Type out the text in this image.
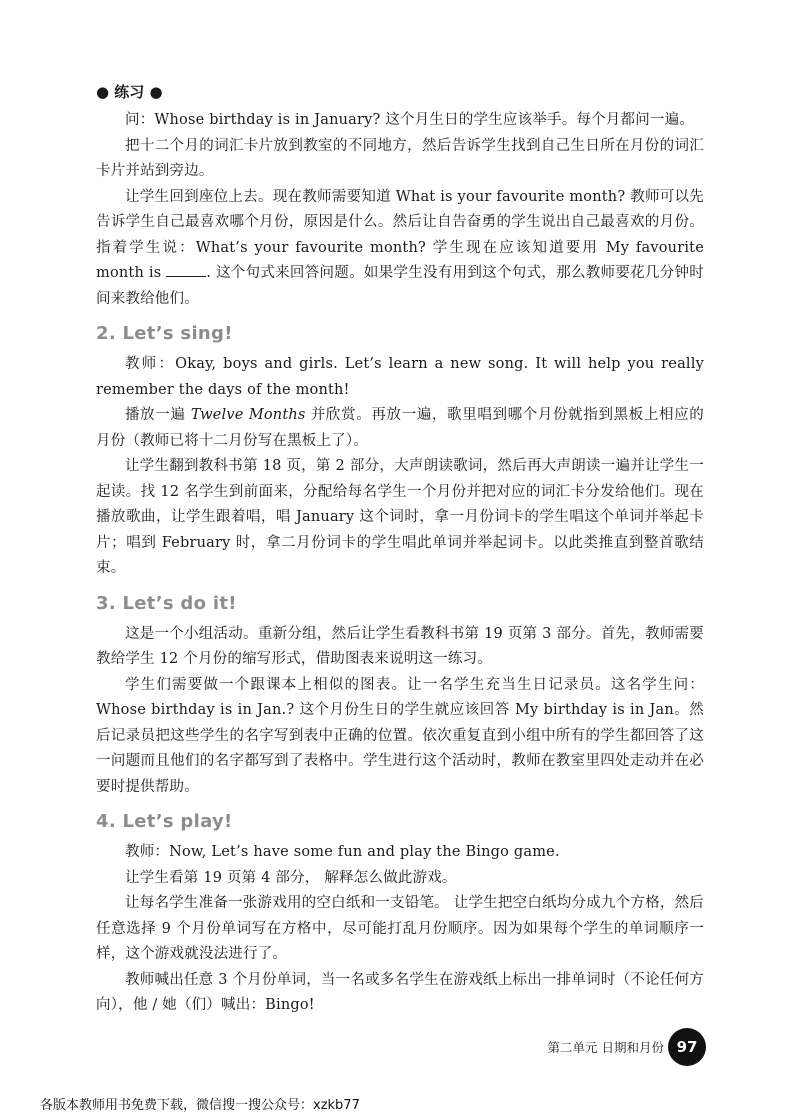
● 练习 ●

问：Whose birthday is in January? 这个月生日的学生应该举手。每个月都问一遍。

把十二个月的词汇卡片放到教室的不同地方，然后告诉学生找到自己生日所在月份的词汇卡片并站到旁边。

让学生回到座位上去。现在教师需要知道 What is your favourite month? 教师可以先告诉学生自己最喜欢哪个月份，原因是什么。然后让自告奋勇的学生说出自己最喜欢的月份。指着学生说：What’s your favourite month? 学生现在应该知道要用 My favourite month is	. 这个句式来回答问题。如果学生没有用到这个句式，那么教师要花几分钟时间来教给他们。

2. Let’s sing!

教师：Okay, boys and girls. Let’s learn a new song. It will help you really remember the days of the month!

播放一遍 Twelve Months 并欣赏。再放一遍，歌里唱到哪个月份就指到黑板上相应的月份（教师已将十二月份写在黑板上了）。

让学生翻到教科书第 18 页，第 2 部分，大声朗读歌词，然后再大声朗读一遍并让学生一起读。找 12 名学生到前面来，分配给每名学生一个月份并把对应的词汇卡分发给他们。现在播放歌曲，让学生跟着唱，唱 January 这个词时，拿一月份词卡的学生唱这个单词并举起卡片；唱到 February 时，拿二月份词卡的学生唱此单词并举起词卡。以此类推直到整首歌结束。

3. Let’s do it!

这是一个小组活动。重新分组，然后让学生看教科书第 19 页第 3 部分。首先，教师需要教给学生 12 个月份的缩写形式，借助图表来说明这一练习。

学生们需要做一个跟课本上相似的图表。让一名学生充当生日记录员。这名学生问：Whose birthday is in Jan.? 这个月份生日的学生就应该回答 My birthday is in Jan。然后记录员把这些学生的名字写到表中正确的位置。依次重复直到小组中所有的学生都回答了这一问题而且他们的名字都写到了表格中。学生进行这个活动时，教师在教室里四处走动并在必要时提供帮助。

4. Let’s play!

教师：Now, Let’s have some fun and play the Bingo game.

让学生看第 19 页第 4 部分， 解释怎么做此游戏。

让每名学生准备一张游戏用的空白纸和一支铅笔。 让学生把空白纸均分成九个方格，然后任意选择 9 个月份单词写在方格中，尽可能打乱月份顺序。因为如果每个学生的单词顺序一样，这个游戏就没法进行了。

教师喊出任意 3 个月份单词，当一名或多名学生在游戏纸上标出一排单词时（不论任何方向），他 / 她（们）喊出：Bingo!

第二单元 日期和月份 97
各版本教师用书免费下载，微信搜一搜公众号：xzkb77
